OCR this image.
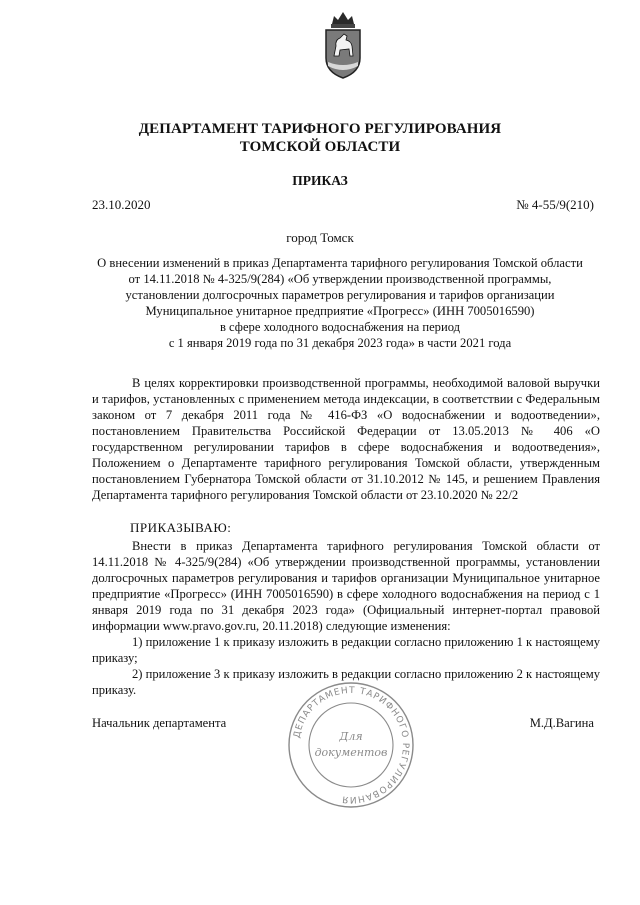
ДЕПАРТАМЕНТ ТАРИФНОГО РЕГУЛИРОВАНИЯ
ТОМСКОЙ ОБЛАСТИ
ПРИКАЗ
23.10.2020	№ 4-55/9(210)
город Томск
О внесении изменений в приказ Департамента тарифного регулирования Томской области
от 14.11.2018 № 4-325/9(284) «Об утверждении производственной программы,
установлении долгосрочных параметров регулирования и тарифов организации
Муниципальное унитарное предприятие «Прогресс» (ИНН 7005016590)
в сфере холодного водоснабжения на период
с 1 января 2019 года по 31 декабря 2023 года» в части 2021 года

В целях корректировки производственной программы, необходимой валовой выручки и тарифов, установленных с применением метода индексации, в соответствии с Федеральным законом от 7 декабря 2011 года № 416-ФЗ «О водоснабжении и водоотведении», постановлением Правительства Российской Федерации от 13.05.2013 № 406 «О государственном регулировании тарифов в сфере водоснабжения и водоотведения», Положением о Департаменте тарифного регулирования Томской области, утвержденным постановлением Губернатора Томской области от 31.10.2012 № 145, и решением Правления Департамента тарифного регулирования Томской области от 23.10.2020 № 22/2

ПРИКАЗЫВАЮ:

Внести в приказ Департамента тарифного регулирования Томской области от 14.11.2018 № 4-325/9(284) «Об утверждении производственной программы, установлении долгосрочных параметров регулирования и тарифов организации Муниципальное унитарное предприятие «Прогресс» (ИНН 7005016590) в сфере холодного водоснабжения на период с 1 января 2019 года по 31 декабря 2023 года» (Официальный интернет-портал правовой информации www.pravo.gov.ru, 20.11.2018) следующие изменения:

1) приложение 1 к приказу изложить в редакции согласно приложению 1 к настоящему приказу;

2) приложение 3 к приказу изложить в редакции согласно приложению 2 к настоящему приказу.

Начальник департамента	М.Д.Вагина
ДЕПАРТАМЕНТ ТАРИФНОГО РЕГУЛИРОВАНИЯ
Для
документов
